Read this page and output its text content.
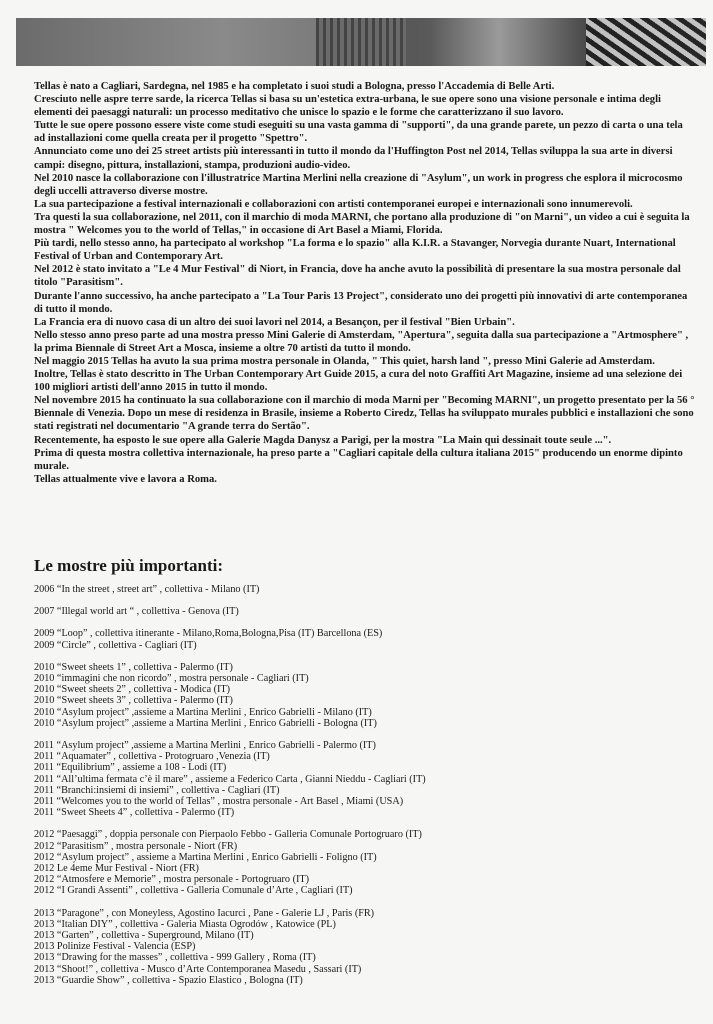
Tellas è nato a Cagliari, Sardegna, nel 1985 e ha completato i suoi studi a Bologna, presso l'Accademia di Belle Arti.

Cresciuto nelle aspre terre sarde, la ricerca Tellas si basa su un'estetica extra-urbana, le sue opere sono una visione personale e intima degli elementi dei paesaggi naturali: un processo meditativo che unisce lo spazio e le forme che caratterizzano il suo lavoro.

Tutte le sue opere possono essere viste come studi eseguiti su una vasta gamma di "supporti", da una grande parete, un pezzo di carta o una tela ad installazioni come quella creata per il progetto "Spettro".

Annunciato come uno dei 25 street artists più interessanti in tutto il mondo da l'Huffington Post nel 2014, Tellas sviluppa la sua arte in diversi campi: disegno, pittura, installazioni, stampa, produzioni audio-video.

Nel 2010 nasce la collaborazione con l'illustratrice Martina Merlini nella creazione di "Asylum", un work in progress che esplora il microcosmo degli uccelli attraverso diverse mostre.

La sua partecipazione a festival internazionali e collaborazioni con artisti contemporanei europei e internazionali sono innumerevoli.

Tra questi la sua collaborazione, nel 2011, con il marchio di moda MARNI, che portano alla produzione di "on Marni", un video a cui è seguita la mostra " Welcomes you to the world of Tellas," in occasione di Art Basel a Miami, Florida.

Più tardi, nello stesso anno, ha partecipato al workshop "La forma e lo spazio" alla K.I.R. a Stavanger, Norvegia durante Nuart, International Festival of Urban and Contemporary Art.

Nel 2012 è stato invitato a "Le 4 Mur Festival" di Niort, in Francia, dove ha anche avuto la possibilità di presentare la sua mostra personale dal titolo "Parasitism".

Durante l'anno successivo, ha anche partecipato a "La Tour Paris 13 Project", considerato uno dei progetti più innovativi di arte contemporanea di tutto il mondo.

La Francia era di nuovo casa di un altro dei suoi lavori nel 2014, a Besançon, per il festival "Bien Urbain".

Nello stesso anno preso parte ad una mostra presso Mini Galerie di Amsterdam, "Apertura", seguita dalla sua partecipazione a "Artmosphere" , la prima Biennale di Street Art a Mosca, insieme a oltre 70 artisti da tutto il mondo.

Nel maggio 2015 Tellas ha avuto la sua prima mostra personale in Olanda, " This quiet, harsh land ", presso Mini Galerie ad Amsterdam.

Inoltre, Tellas è stato descritto in The Urban Contemporary Art Guide 2015, a cura del noto Graffiti Art Magazine, insieme ad una selezione dei 100 migliori artisti dell'anno 2015 in tutto il mondo.

Nel novembre 2015 ha continuato la sua collaborazione con il marchio di moda Marni per "Becoming MARNI", un progetto presentato per la 56 ° Biennale di Venezia. Dopo un mese di residenza in Brasile, insieme a Roberto Ciredz, Tellas ha sviluppato murales pubblici e installazioni che sono stati registrati nel documentario "A grande terra do Sertão".

Recentemente, ha esposto le sue opere alla Galerie Magda Danysz a Parigi, per la mostra "La Main qui dessinait toute seule ...".

Prima di questa mostra collettiva internazionale, ha preso parte a "Cagliari capitale della cultura italiana 2015" producendo un enorme dipinto murale.

Tellas attualmente vive e lavora a Roma.

Le mostre più importanti:
2006 “In the street , street art” , collettiva - Milano (IT)
2007 “Illegal world art “ , collettiva - Genova (IT)
2009 “Loop” , collettiva itinerante - Milano,Roma,Bologna,Pisa (IT) Barcellona (ES)
2009 “Circle” , collettiva - Cagliari (IT)
2010 “Sweet sheets 1” , collettiva - Palermo (IT)
2010 “immagini che non ricordo” , mostra personale - Cagliari (IT)
2010 “Sweet sheets 2” , collettiva - Modica (IT)
2010 “Sweet sheets 3” , collettiva - Palermo (IT)
2010 “Asylum project” ,assieme a Martina Merlini , Enrico Gabrielli - Milano (IT)
2010 “Asylum project” ,assieme a Martina Merlini , Enrico Gabrielli - Bologna (IT)
2011 “Asylum project” ,assieme a Martina Merlini , Enrico Gabrielli - Palermo (IT)
2011 “Aquamater” , collettiva - Protogruaro ,Venezia (IT)
2011 “Equilibrium” , assieme a 108 - Lodi (IT)
2011 “All’ultima fermata c’è il mare” , assieme a Federico Carta , Gianni Nieddu - Cagliari (IT)
2011 “Branchi:insiemi di insiemi” , collettiva - Cagliari (IT)
2011 “Welcomes you to the world of Tellas” , mostra personale - Art Basel , Miami (USA)
2011 “Sweet Sheets 4” , collettiva - Palermo (IT)
2012 “Paesaggi” , doppia personale con Pierpaolo Febbo - Galleria Comunale Portogruaro (IT)
2012 “Parasitism” , mostra personale - Niort (FR)
2012 “Asylum project” , assieme a Martina Merlini , Enrico Gabrielli - Foligno (IT)
2012 Le 4eme Mur Festival - Niort (FR)
2012 “Atmosfere e Memorie” , mostra personale - Portogruaro (IT)
2012 “I Grandi Assenti” , collettiva - Galleria Comunale d’Arte , Cagliari (IT)
2013 “Paragone” , con Moneyless, Agostino Iacurci , Pane - Galerie LJ , Paris (FR)
2013 “Italian DIY” , collettiva - Galeria Miasta Ogrodów , Katowice (PL)
2013 “Garten” , collettiva - Superground, Milano (IT)
2013 Polinize Festival - Valencia (ESP)
2013 “Drawing for the masses” , collettiva - 999 Gallery , Roma (IT)
2013 “Shoot!” , collettiva - Musco d’Arte Contemporanea Masedu , Sassari (IT)
2013 “Guardie Show” , collettiva - Spazio Elastico , Bologna (IT)
